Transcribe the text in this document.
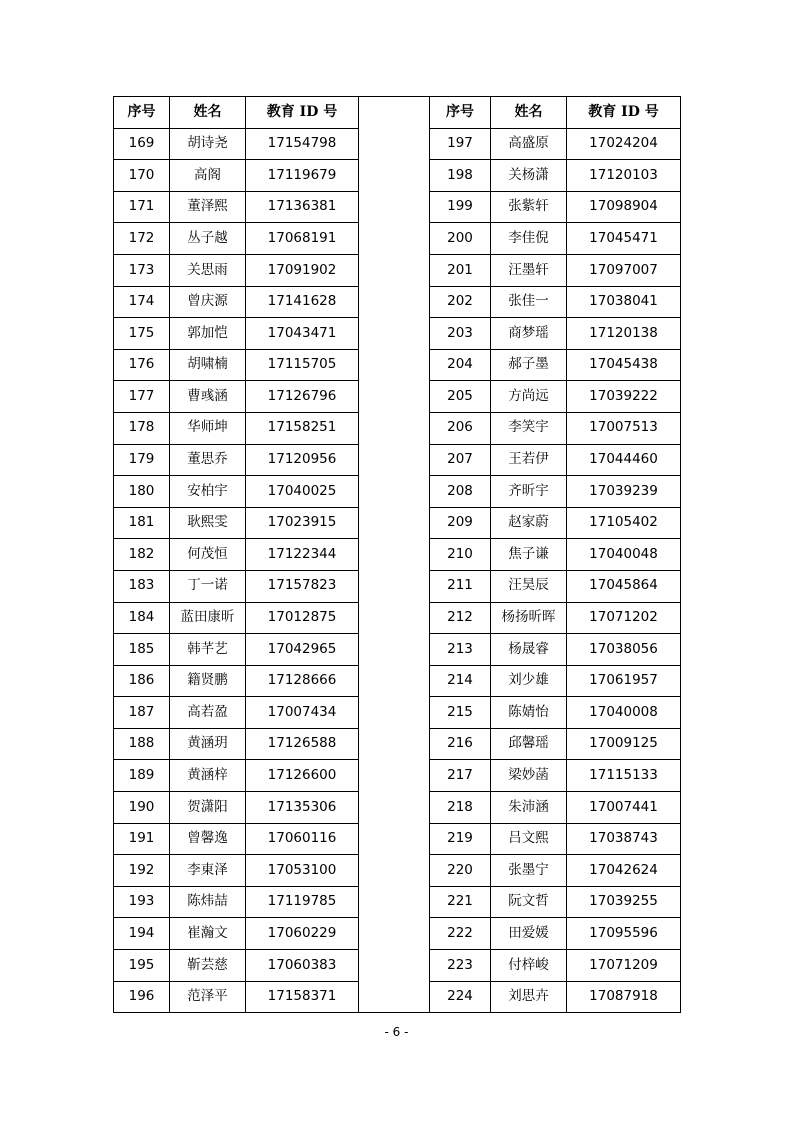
序号	姓名	教育 ID 号		序号	姓名	教育 ID 号
169	胡诗尧	17154798		197	高盛原	17024204
170	高阁	17119679		198	关杨潇	17120103
171	董泽熙	17136381		199	张紫轩	17098904
172	丛子越	17068191		200	李佳倪	17045471
173	关思雨	17091902		201	汪墨轩	17097007
174	曾庆源	17141628		202	张佳一	17038041
175	郭加恺	17043471		203	商梦瑶	17120138
176	胡啸楠	17115705		204	郝子墨	17045438
177	曹彧涵	17126796		205	方尚远	17039222
178	华师坤	17158251		206	李笑宇	17007513
179	董思乔	17120956		207	王若伊	17044460
180	安柏宇	17040025		208	齐昕宇	17039239
181	耿熙雯	17023915		209	赵家蔚	17105402
182	何茂恒	17122344		210	焦子谦	17040048
183	丁一诺	17157823		211	汪昊辰	17045864
184	蓝田康昕	17012875		212	杨扬昕晖	17071202
185	韩芊艺	17042965		213	杨晟睿	17038056
186	籍贤鹏	17128666		214	刘少雄	17061957
187	高若盈	17007434		215	陈婧怡	17040008
188	黄涵玥	17126588		216	邱馨瑶	17009125
189	黄涵梓	17126600		217	梁妙菡	17115133
190	贺潇阳	17135306		218	朱沛涵	17007441
191	曾馨逸	17060116		219	吕文熙	17038743
192	李東泽	17053100		220	张墨宁	17042624
193	陈炜喆	17119785		221	阮文哲	17039255
194	崔瀚文	17060229		222	田爱媛	17095596
195	靳芸慈	17060383		223	付梓峻	17071209
196	范泽平	17158371		224	刘思卉	17087918
- 6 -
